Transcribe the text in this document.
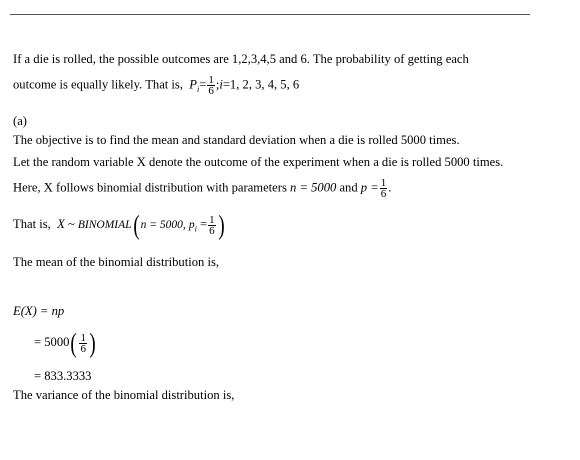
If a die is rolled, the possible outcomes are 1,2,3,4,5 and 6. The probability of getting each
outcome is equally likely. That is, $P_i= \frac{1}{6}$ ;i=1, 2, 3, 4, 5, 6
(a)
The objective is to find the mean and standard deviation when a die is rolled 5000 times.
Let the random variable X denote the outcome of the experiment when a die is rolled 5000 times.
Here, X follows binomial distribution with parameters n = 5000 and $p = \frac{1}{6}$ .
That is, X ~ BINOMIAL(n = 5000, $p_i = \frac{1}{6}$ )
The mean of the binomial distribution is,
E(X) = np
= $5000( \frac{1}{6}$ )
= 833.3333
The variance of the binomial distribution is,
